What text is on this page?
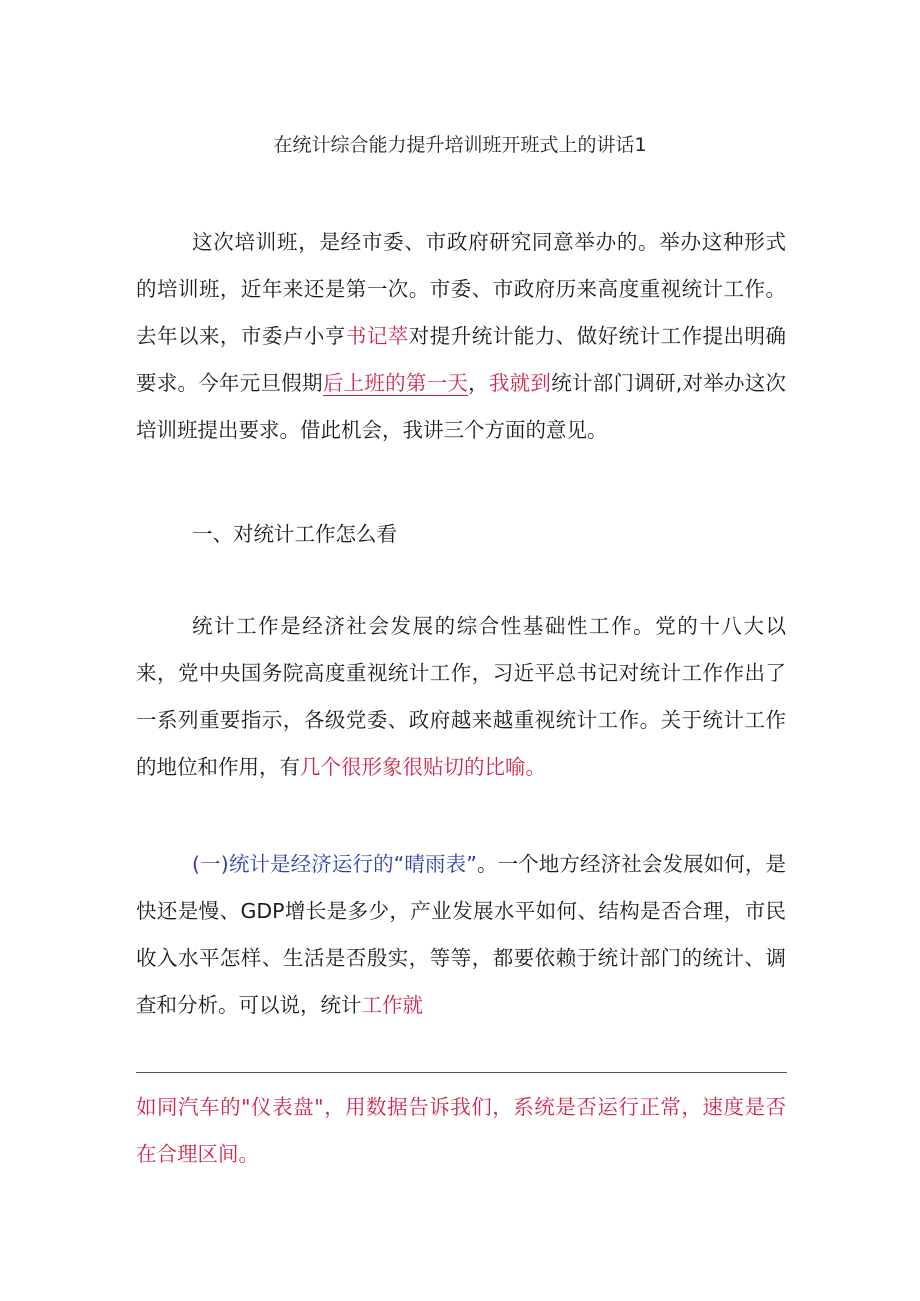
在统计综合能力提升培训班开班式上的讲话1

这次培训班，是经市委、市政府研究同意举办的。举办这种形式的培训班，近年来还是第一次。市委、市政府历来高度重视统计工作。去年以来，市委卢小亨书记萃对提升统计能力、做好统计工作提出明确要求。今年元旦假期后上班的第一天，我就到统计部门调研,对举办这次培训班提出要求。借此机会，我讲三个方面的意见。

一、对统计工作怎么看

统计工作是经济社会发展的综合性基础性工作。党的十八大以来，党中央国务院高度重视统计工作，习近平总书记对统计工作作出了一系列重要指示，各级党委、政府越来越重视统计工作。关于统计工作的地位和作用，有几个很形象很贴切的比喻。

(一)统计是经济运行的“晴雨表”。一个地方经济社会发展如何，是快还是慢、GDP增长是多少，产业发展水平如何、结构是否合理，市民收入水平怎样、生活是否殷实，等等，都要依赖于统计部门的统计、调查和分析。可以说，统计工作就

如同汽车的"仪表盘"，用数据告诉我们，系统是否运行正常，速度是否在合理区间。
